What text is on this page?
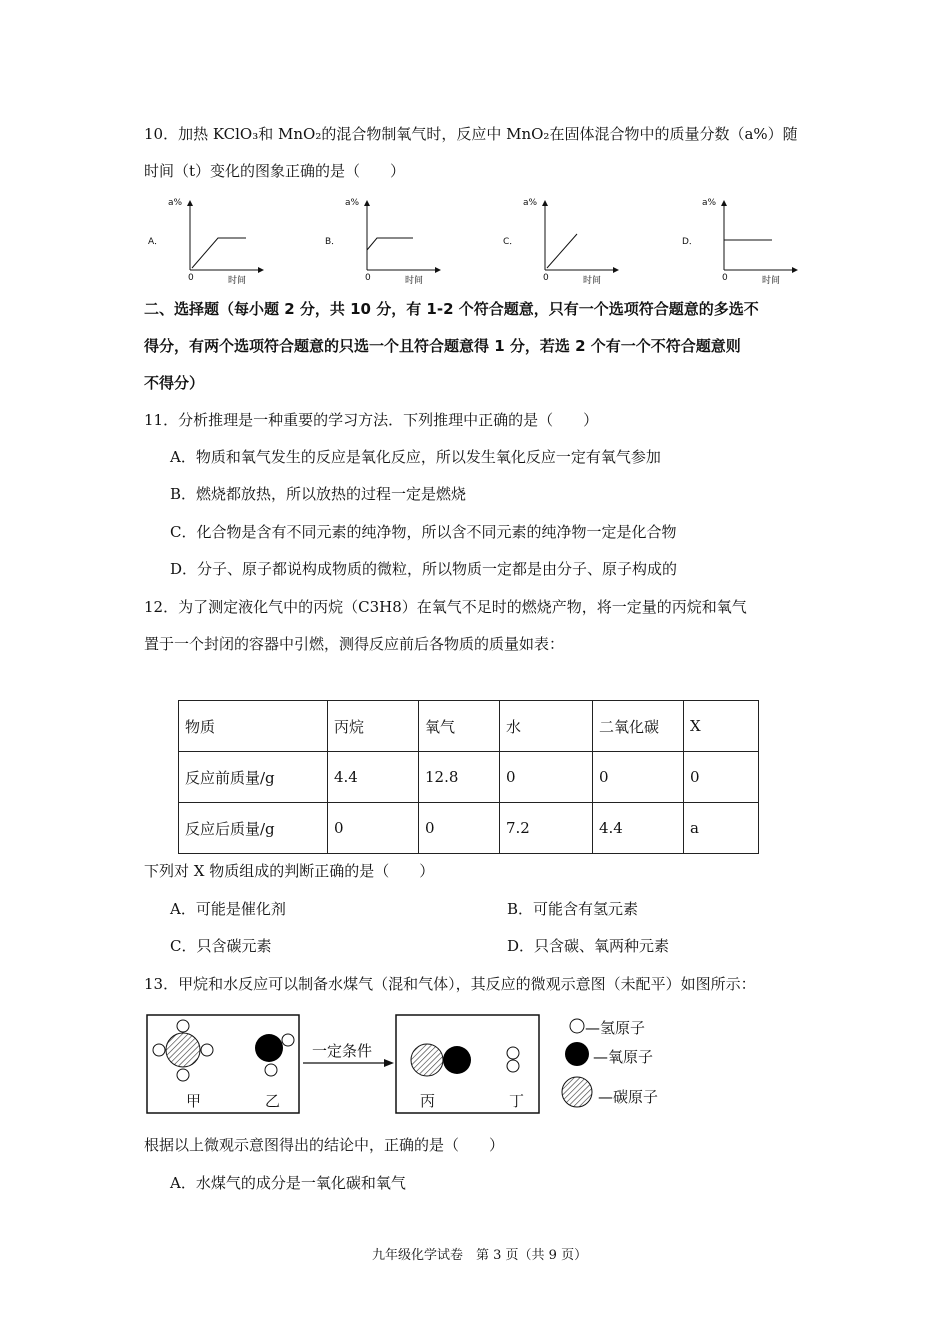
10．加热 KClO₃和 MnO₂的混合物制氧气时，反应中 MnO₂在固体混合物中的质量分数（a%）随
时间（t）变化的图象正确的是（　　）
A．
a%
0	时间
B．
a%
0	时间
C．
a%
0	时间
D．
a%
0	时间
二、选择题（每小题 2 分，共 10 分，有 1-2 个符合题意，只有一个选项符合题意的多选不
得分，有两个选项符合题意的只选一个且符合题意得 1 分，若选 2 个有一个不符合题意则
不得分）
11．分析推理是一种重要的学习方法．下列推理中正确的是（　　）
A．物质和氧气发生的反应是氧化反应，所以发生氧化反应一定有氧气参加
B．燃烧都放热，所以放热的过程一定是燃烧
C．化合物是含有不同元素的纯净物，所以含不同元素的纯净物一定是化合物
D．分子、原子都说构成物质的微粒，所以物质一定都是由分子、原子构成的
12．为了测定液化气中的丙烷（C3H8）在氧气不足时的燃烧产物，将一定量的丙烷和氧气
置于一个封闭的容器中引燃，测得反应前后各物质的质量如表：
物质	丙烷	氧气	水	二氧化碳	X
反应前质量/g	4.4	12.8	0	0	0
反应后质量/g	0	0	7.2	4.4	a
下列对 X 物质组成的判断正确的是（　　）
A．可能是催化剂	B．可能含有氢元素
C．只含碳元素	D．只含碳、氧两种元素
13．甲烷和水反应可以制备水煤气（混和气体），其反应的微观示意图（未配平）如图所示：
一定条件
甲	乙	丙	丁
—氢原子
—氧原子
—碳原子
根据以上微观示意图得出的结论中，正确的是（　　）
A．水煤气的成分是一氧化碳和氧气
九年级化学试卷　第 3 页（共 9 页）
